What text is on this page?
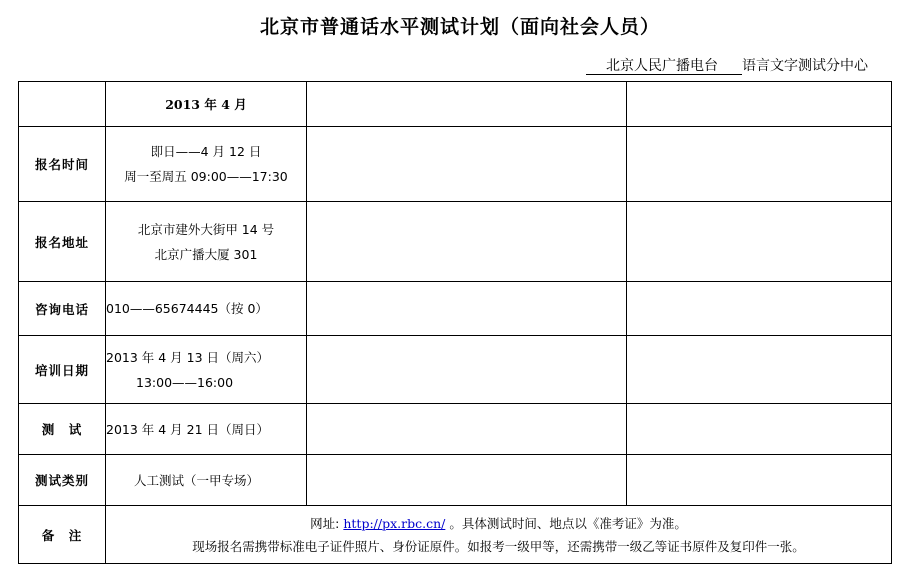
北京市普通话水平测试计划（面向社会人员）
北京人民广播电台 语言文字测试分中心
	2013 年 4 月		
报名时间	即日——4 月 12 日
周一至周五 09:00——17:30		

报名地址	北京市建外大街甲 14 号
北京广播大厦 301		

咨询电话	010——65674445（按 0）		

培训日期	2013 年 4 月 13 日（周六）
13:00——16:00		

测　试	2013 年 4 月 21 日（周日）		

测试类别	人工测试（一甲专场）		

备　注	网址: http://px.rbc.cn/ 。具体测试时间、地点以《准考证》为准。
现场报名需携带标准电子证件照片、身份证原件。如报考一级甲等，还需携带一级乙等证书原件及复印件一张。		
